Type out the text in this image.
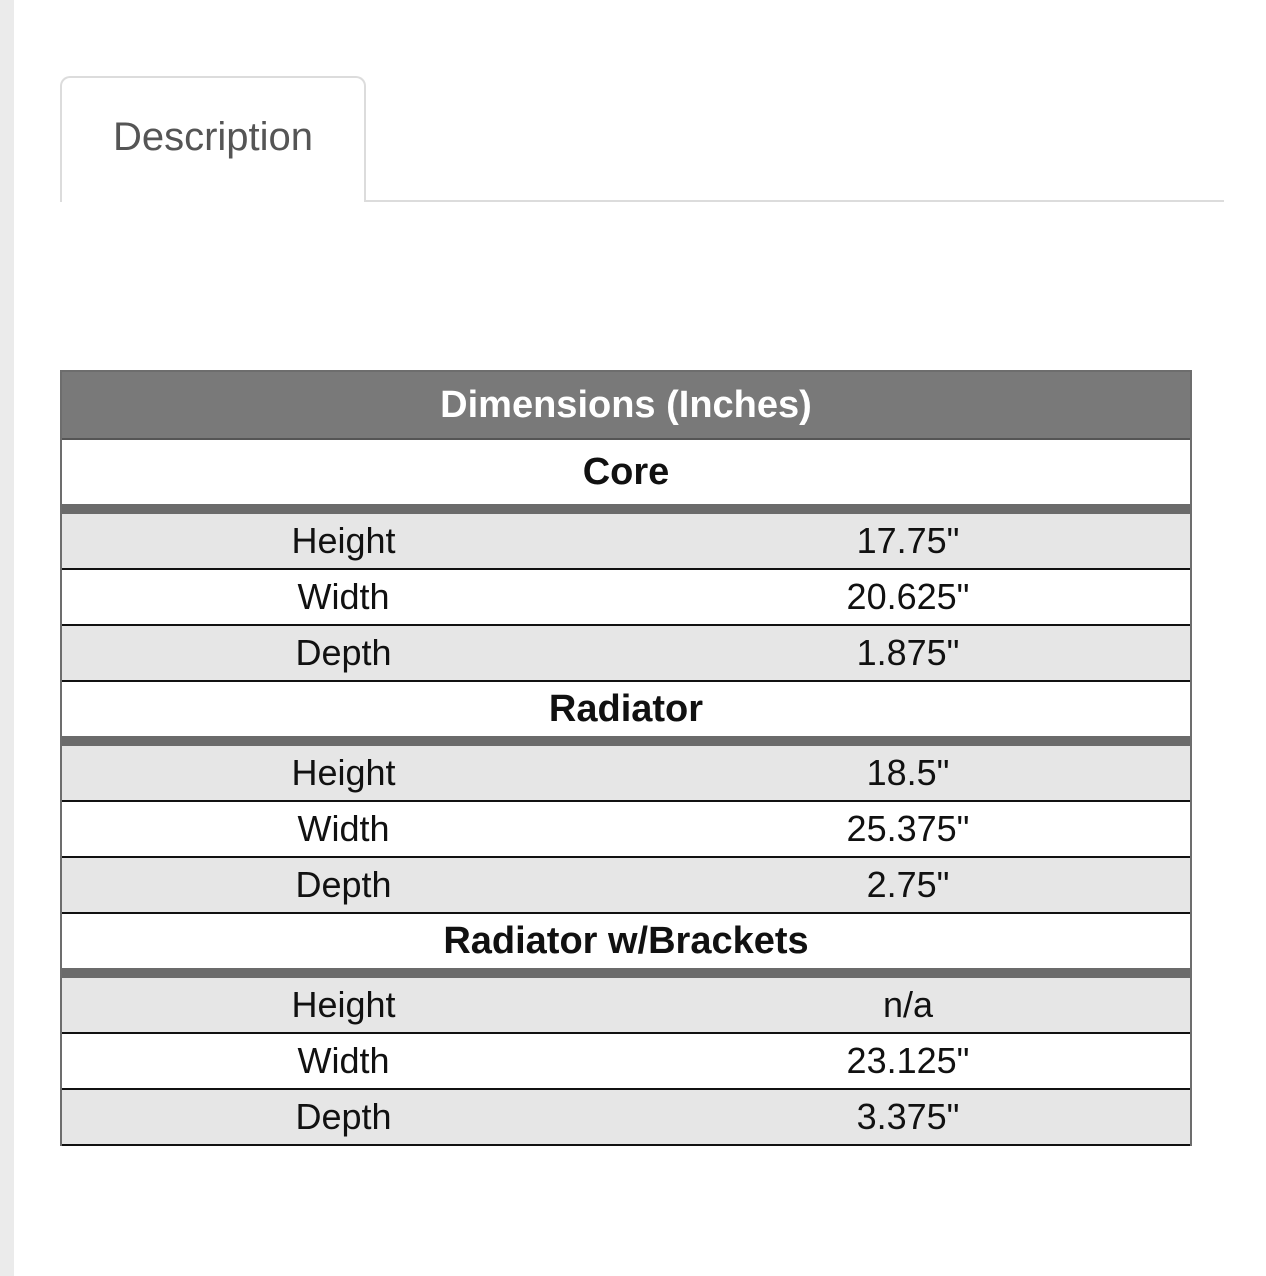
Description
Dimensions (Inches)
Core
Height	17.75"
Width	20.625"
Depth	1.875"
Radiator
Height	18.5"
Width	25.375"
Depth	2.75"
Radiator w/Brackets
Height	n/a
Width	23.125"
Depth	3.375"
